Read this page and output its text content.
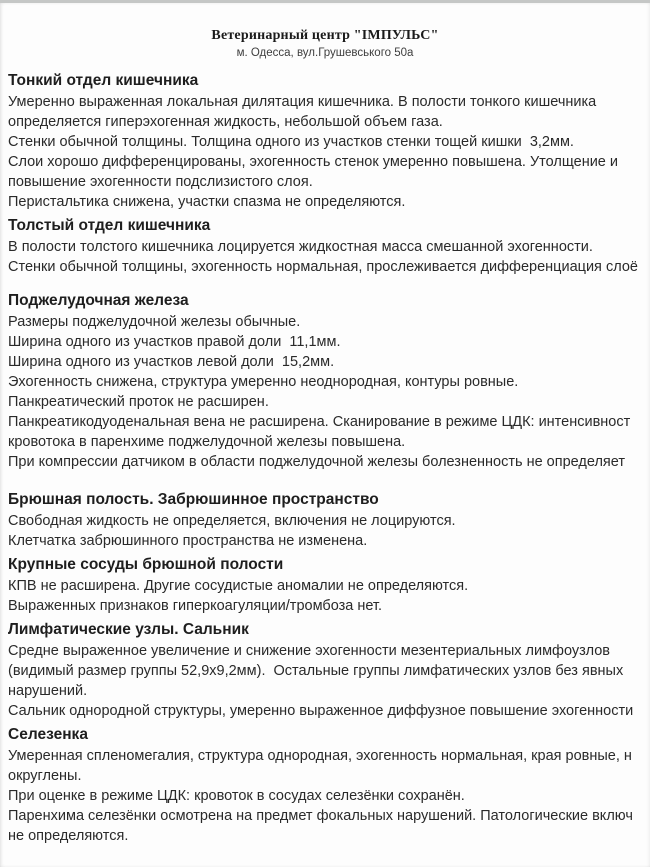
Ветеринарный центр "ІМПУЛЬС"
м. Одесса, вул.Грушевського 50а
Тонкий отдел кишечника
Умеренно выраженная локальная дилятация кишечника. В полости тонкого кишечника
определяется гиперэхогенная жидкость, небольшой объем газа.
Стенки обычной толщины. Толщина одного из участков стенки тощей кишки  3,2мм.
Слои хорошо дифференцированы, эхогенность стенок умеренно повышена. Утолщение и
повышение эхогенности подслизистого слоя.
Перистальтика снижена, участки спазма не определяются.
Толстый отдел кишечника
В полости толстого кишечника лоцируется жидкостная масса смешанной эхогенности.
Стенки обычной толщины, эхогенность нормальная, прослеживается дифференциация слоё
Поджелудочная железа
Размеры поджелудочной железы обычные.
Ширина одного из участков правой доли  11,1мм.
Ширина одного из участков левой доли  15,2мм.
Эхогенность снижена, структура умеренно неоднородная, контуры ровные.
Панкреатический проток не расширен.
Панкреатикодуоденальная вена не расширена. Сканирование в режиме ЦДК: интенсивност
кровотока в паренхиме поджелудочной железы повышена.
При компрессии датчиком в области поджелудочной железы болезненность не определяет
Брюшная полость. Забрюшинное пространство
Свободная жидкость не определяется, включения не лоцируются.
Клетчатка забрюшинного пространства не изменена.
Крупные сосуды брюшной полости
КПВ не расширена. Другие сосудистые аномалии не определяются.
Выраженных признаков гиперкоагуляции/тромбоза нет.
Лимфатические узлы. Сальник
Средне выраженное увеличение и снижение эхогенности мезентериальных лимфоузлов
(видимый размер группы 52,9х9,2мм).  Остальные группы лимфатических узлов без явных
нарушений.
Сальник однородной структуры, умеренно выраженное диффузное повышение эхогенности
Селезенка
Умеренная спленомегалия, структура однородная, эхогенность нормальная, края ровные, н
округлены.
При оценке в режиме ЦДК: кровоток в сосудах селезёнки сохранён.
Паренхима селезёнки осмотрена на предмет фокальных нарушений. Патологические включ
не определяются.
